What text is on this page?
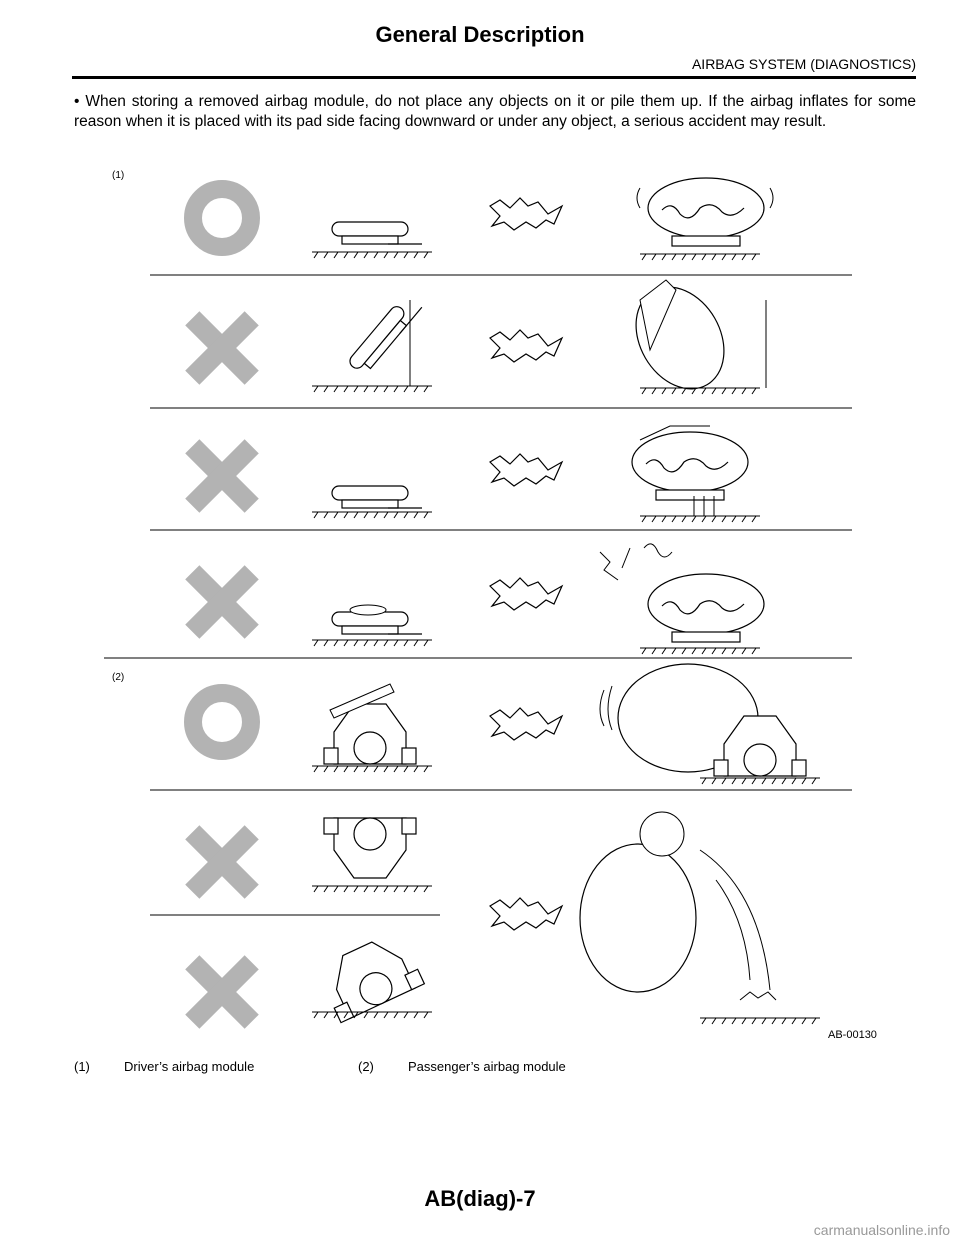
General Description
AIRBAG SYSTEM (DIAGNOSTICS)
• When storing a removed airbag module, do not place any objects on it or pile them up. If the airbag inflates for some reason when it is placed with its pad side facing downward or under any object, a serious accident may result.
(1)
(2)
AB-00130
(1)	Driver’s airbag module	(2)	Passenger’s airbag module
AB(diag)-7
carmanualsonline.info
